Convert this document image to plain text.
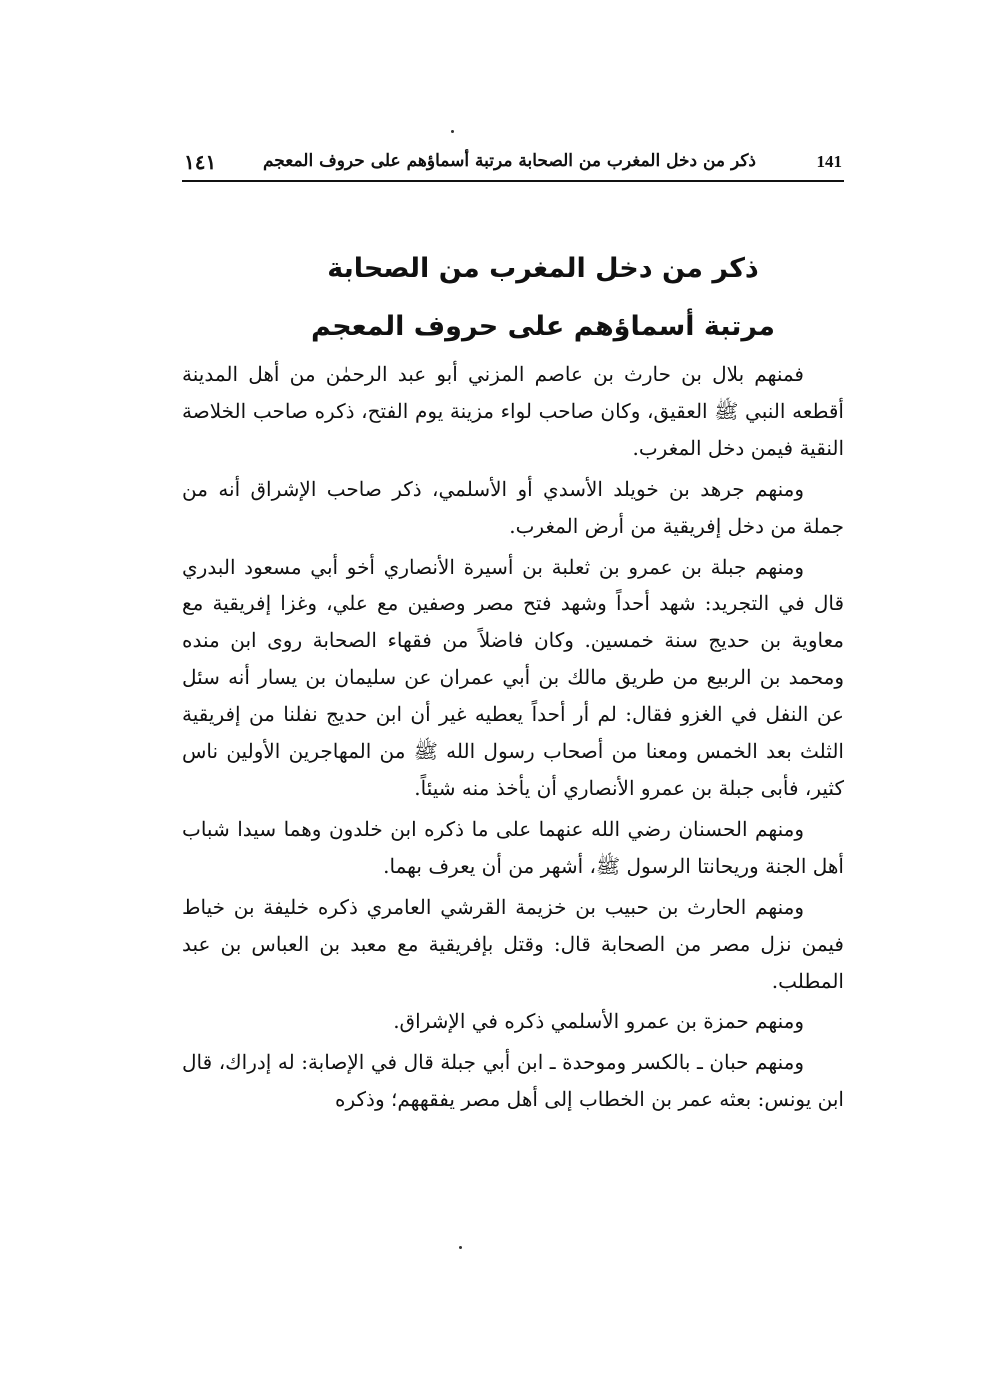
141
ذكر من دخل المغرب من الصحابة مرتبة أسماؤهم على حروف المعجم
١٤١
ذكر من دخل المغرب من الصحابة
مرتبة أسماؤهم على حروف المعجم

فمنهم بلال بن حارث بن عاصم المزني أبو عبد الرحمٰن من أهل المدينة أقطعه النبي ﷺ العقيق، وكان صاحب لواء مزينة يوم الفتح، ذكره صاحب الخلاصة النقية فيمن دخل المغرب.

ومنهم جرهد بن خويلد الأسدي أو الأسلمي، ذكر صاحب الإشراق أنه من جملة من دخل إفريقية من أرض المغرب.

ومنهم جبلة بن عمرو بن ثعلبة بن أسيرة الأنصاري أخو أبي مسعود البدري قال في التجريد: شهد أحداً وشهد فتح مصر وصفين مع علي، وغزا إفريقية مع معاوية بن حديج سنة خمسين. وكان فاضلاً من فقهاء الصحابة روى ابن منده ومحمد بن الربيع من طريق مالك بن أبي عمران عن سليمان بن يسار أنه سئل عن النفل في الغزو فقال: لم أر أحداً يعطيه غير أن ابن حديج نفلنا من إفريقية الثلث بعد الخمس ومعنا من أصحاب رسول الله ﷺ من المهاجرين الأولين ناس كثير، فأبى جبلة بن عمرو الأنصاري أن يأخذ منه شيئاً.

ومنهم الحسنان رضي الله عنهما على ما ذكره ابن خلدون وهما سيدا شباب أهل الجنة وريحانتا الرسول ﷺ، أشهر من أن يعرف بهما.

ومنهم الحارث بن حبيب بن خزيمة القرشي العامري ذكره خليفة بن خياط فيمن نزل مصر من الصحابة قال: وقتل بإفريقية مع معبد بن العباس بن عبد المطلب.

ومنهم حمزة بن عمرو الأسلمي ذكره في الإشراق.

ومنهم حبان ـ بالكسر وموحدة ـ ابن أبي جبلة قال في الإصابة: له إدراك، قال ابن يونس: بعثه عمر بن الخطاب إلى أهل مصر يفقههم؛ وذكره
